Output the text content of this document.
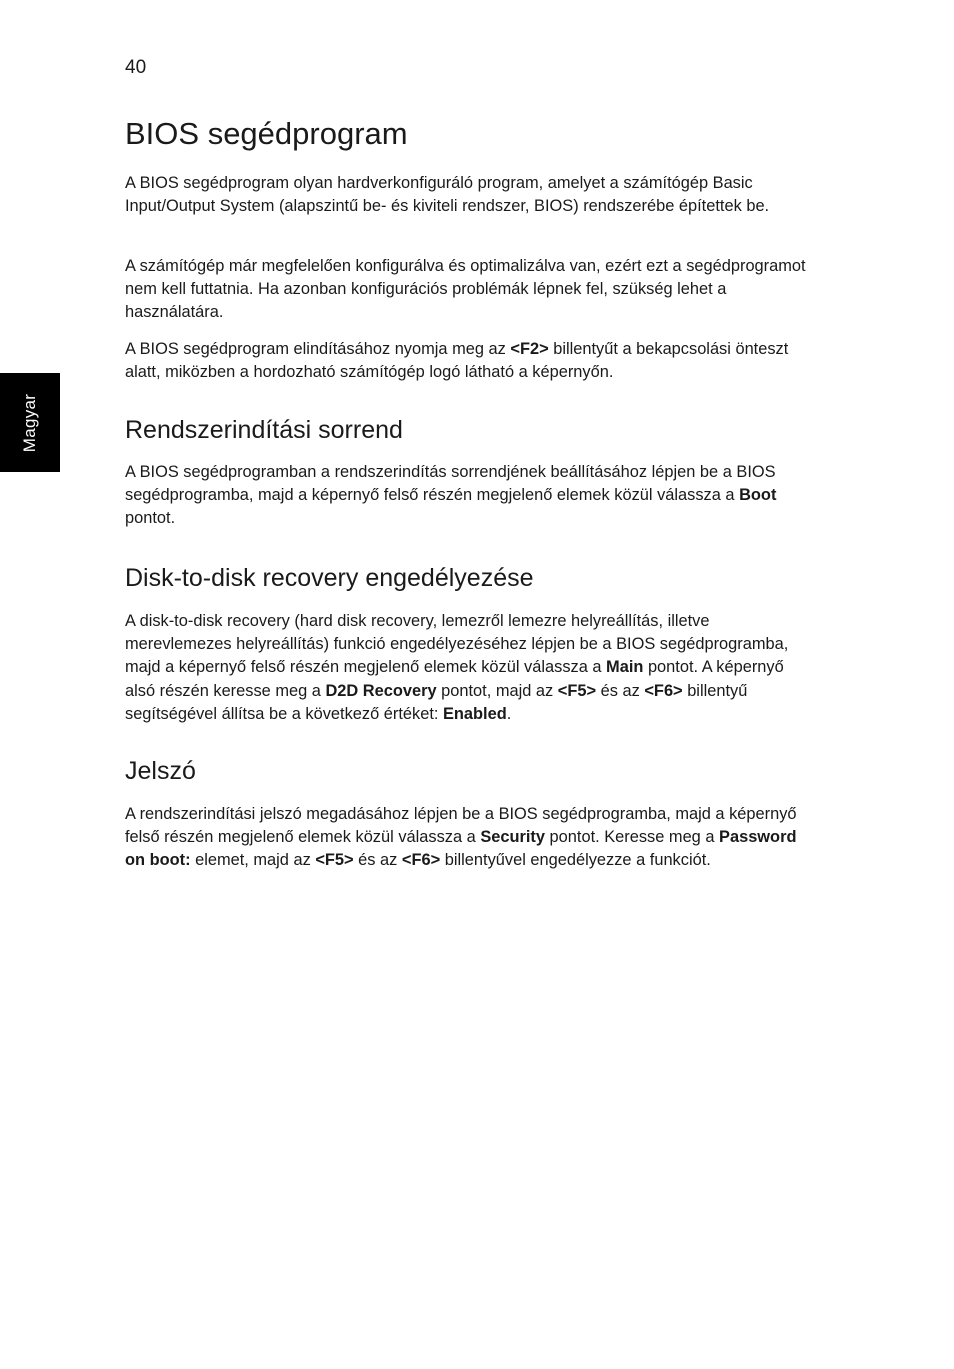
40
Magyar
BIOS segédprogram

A BIOS segédprogram olyan hardverkonfiguráló program, amelyet a számítógép Basic Input/Output System (alapszintű be- és kiviteli rendszer, BIOS) rendszerébe építettek be.

A számítógép már megfelelően konfigurálva és optimalizálva van, ezért ezt a segédprogramot nem kell futtatnia. Ha azonban konfigurációs problémák lépnek fel, szükség lehet a használatára.

A BIOS segédprogram elindításához nyomja meg az <F2> billentyűt a bekapcsolási önteszt alatt, miközben a hordozható számítógép logó látható a képernyőn.

Rendszerindítási sorrend

A BIOS segédprogramban a rendszerindítás sorrendjének beállításához lépjen be a BIOS segédprogramba, majd a képernyő felső részén megjelenő elemek közül válassza a Boot pontot.

Disk-to-disk recovery engedélyezése

A disk-to-disk recovery (hard disk recovery, lemezről lemezre helyreállítás, illetve merevlemezes helyreállítás) funkció engedélyezéséhez lépjen be a BIOS segédprogramba, majd a képernyő felső részén megjelenő elemek közül válassza a Main pontot. A képernyő alsó részén keresse meg a D2D Recovery pontot, majd az <F5> és az <F6> billentyű segítségével állítsa be a következő értéket: Enabled.

Jelszó

A rendszerindítási jelszó megadásához lépjen be a BIOS segédprogramba, majd a képernyő felső részén megjelenő elemek közül válassza a Security pontot. Keresse meg a Password on boot: elemet, majd az <F5> és az <F6> billentyűvel engedélyezze a funkciót.
